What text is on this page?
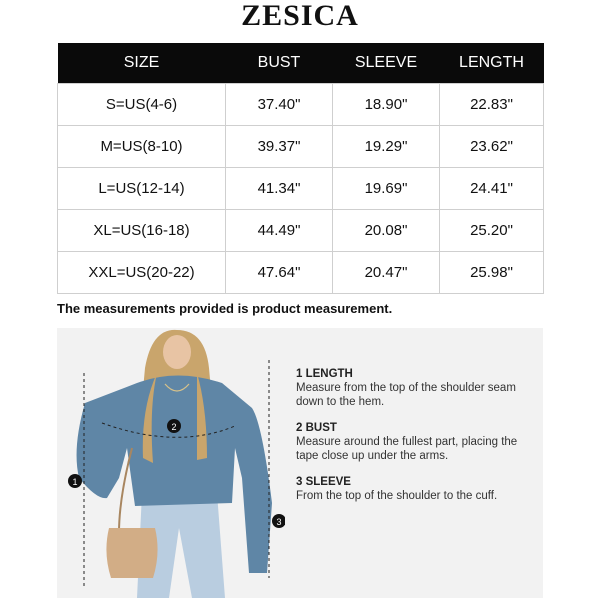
ZESICA
SIZE	BUST	SLEEVE	LENGTH
S=US(4-6)	37.40"	18.90"	22.83"
M=US(8-10)	39.37"	19.29"	23.62"
L=US(12-14)	41.34"	19.69"	24.41"
XL=US(16-18)	44.49"	20.08"	25.20"
XXL=US(20-22)	47.64"	20.47"	25.98"
The measurements provided is product measurement.
1
2
3
1 LENGTH
Measure from the top of the shoulder seam down to the hem.
2 BUST
Measure around the fullest part, placing the tape close up under the arms.
3 SLEEVE
From the top of the shoulder to the cuff.
